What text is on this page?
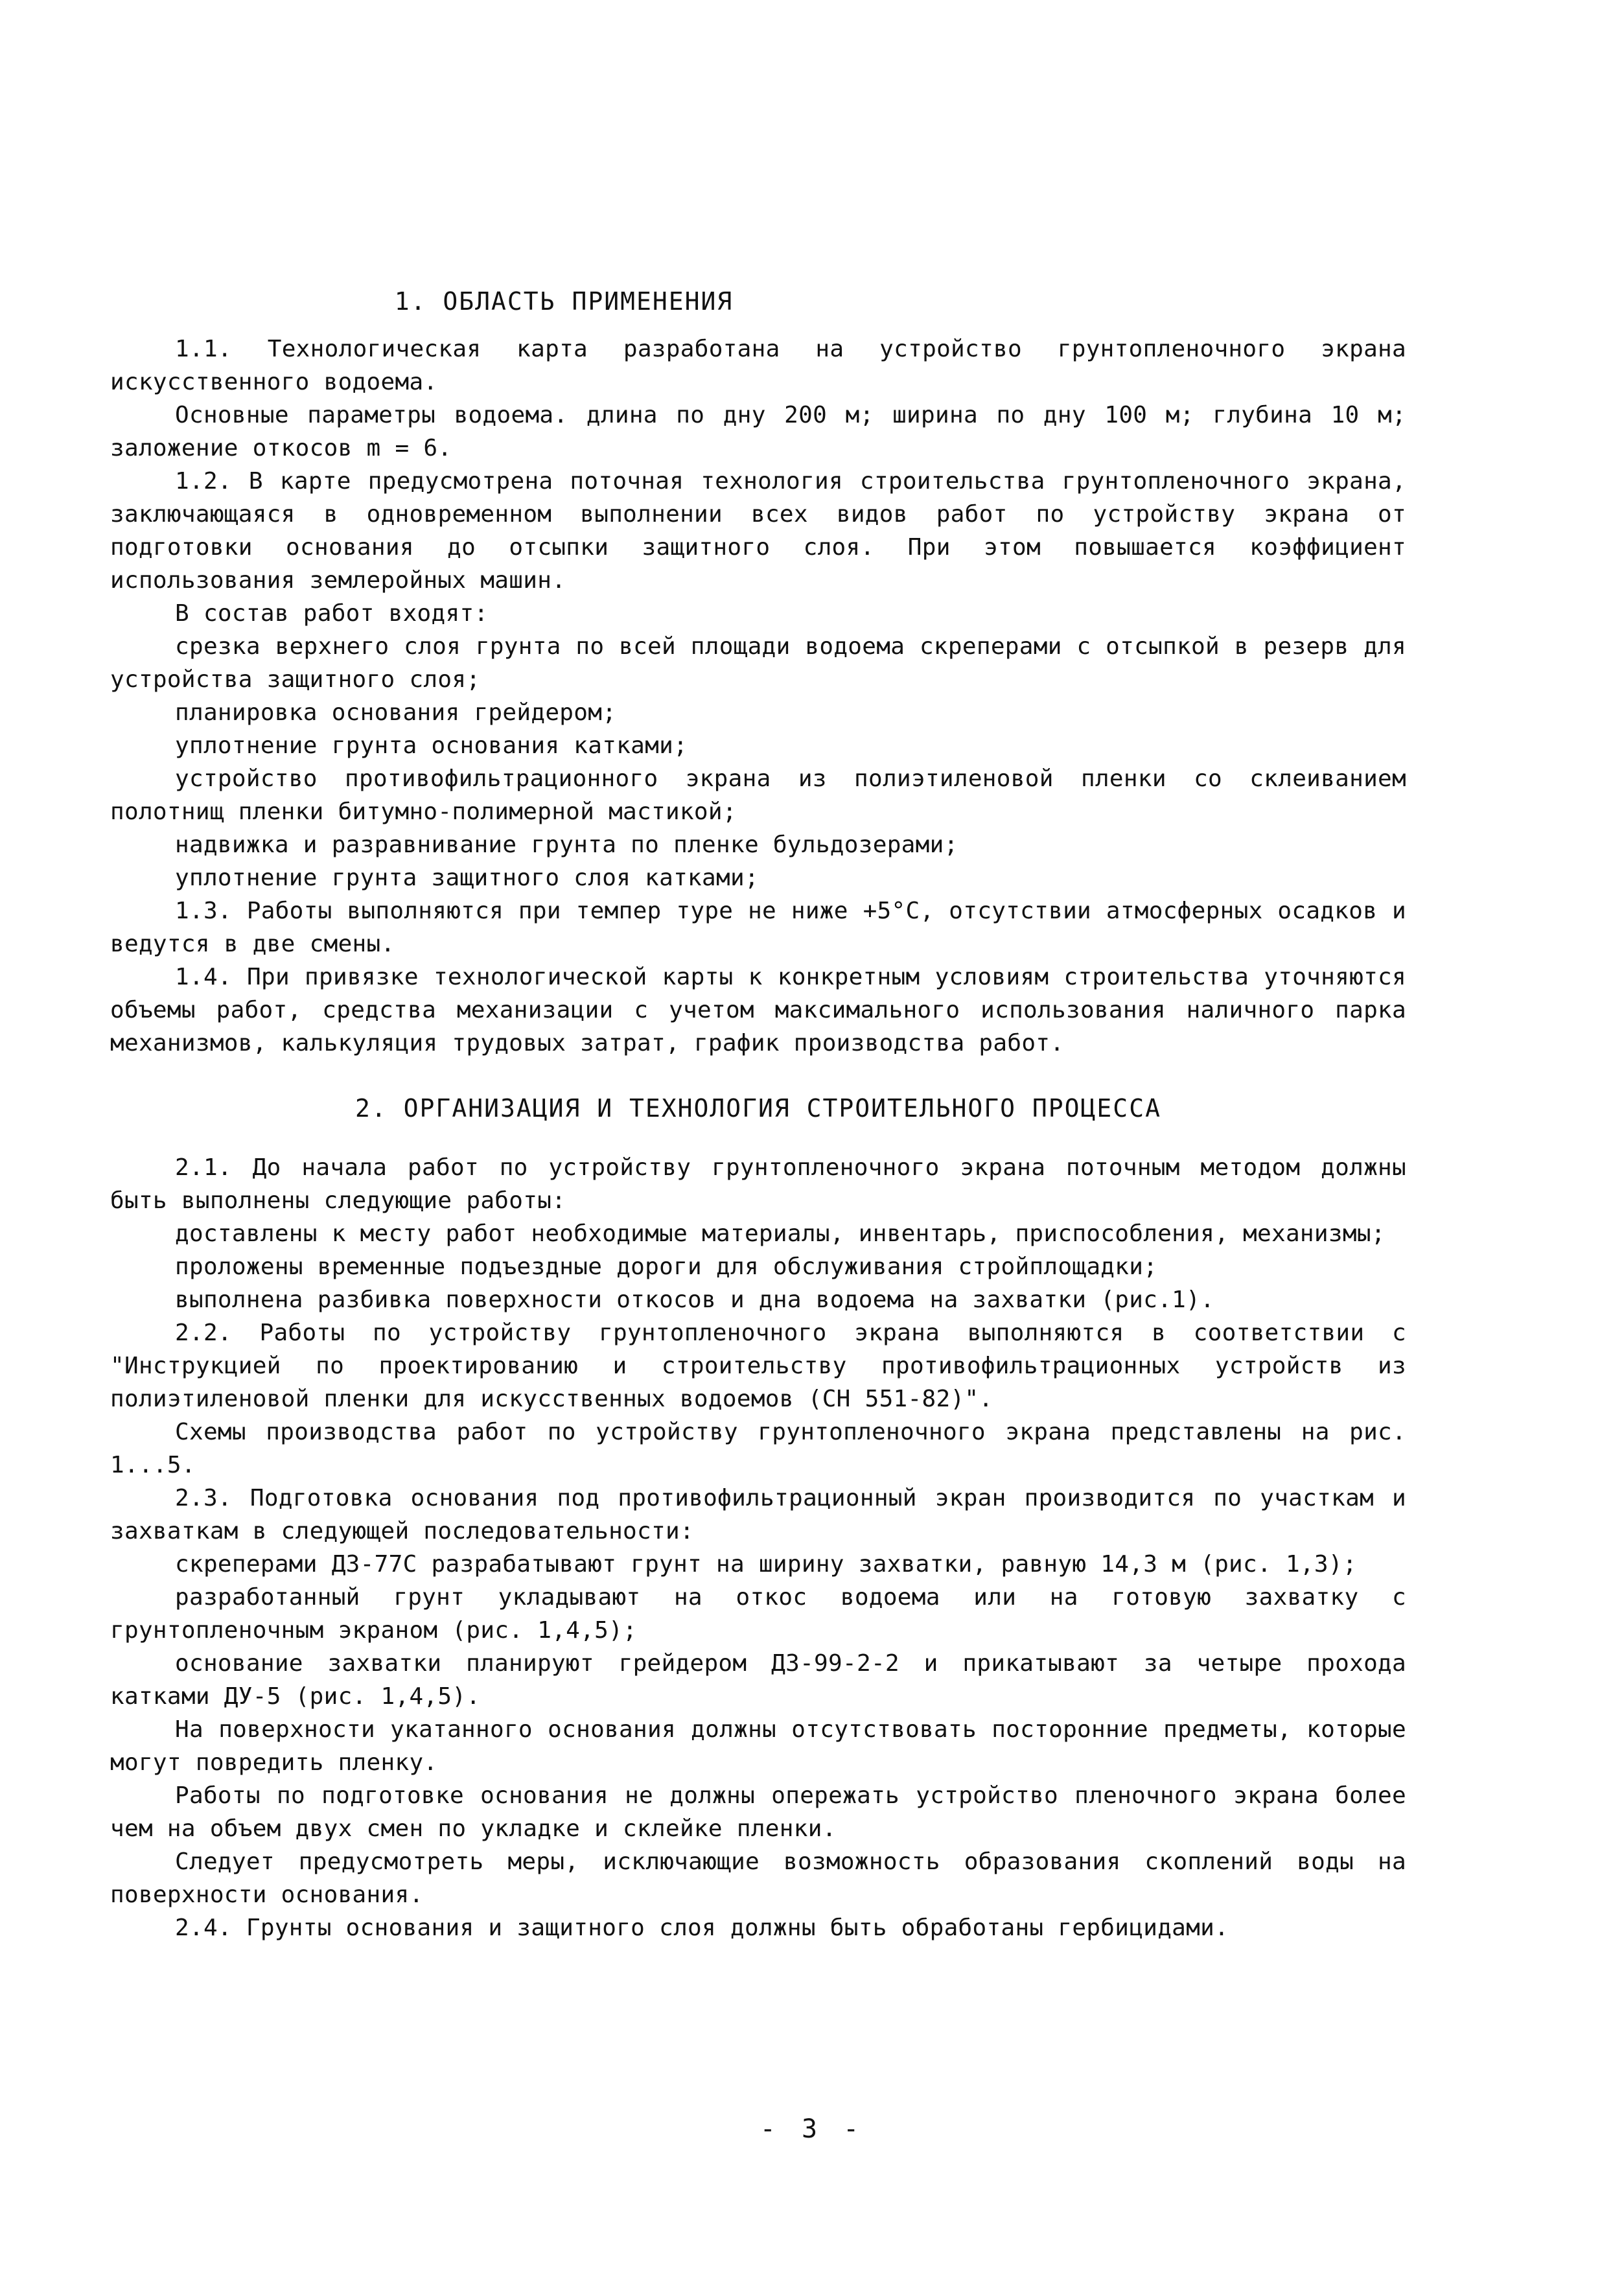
1. ОБЛАСТЬ ПРИМЕНЕНИЯ

1.1. Технологическая карта разработана на устройство грунтопленочного экрана искусственного водоема.

Основные параметры водоема. длина по дну 200 м; ширина по дну 100 м; глубина 10 м; заложение откосов m = 6.

1.2. В карте предусмотрена поточная технология строительства грунтопленочного экрана, заключающаяся в одновременном выполнении всех видов работ по устройству экрана от подготовки основания до отсыпки защитного слоя. При этом повышается коэффициент использования землеройных машин.

В состав работ входят:

срезка верхнего слоя грунта по всей площади водоема скреперами с отсыпкой в резерв для устройства защитного слоя;

планировка основания грейдером;

уплотнение грунта основания катками;

устройство противофильтрационного экрана из полиэтиленовой пленки со склеиванием полотнищ пленки битумно-полимерной мастикой;

надвижка и разравнивание грунта по пленке бульдозерами;

уплотнение грунта защитного слоя катками;

1.3. Работы выполняются при темпер туре не ниже +5°С, отсутствии атмосферных осадков и ведутся в две смены.

1.4. При привязке технологической карты к конкретным условиям строительства уточняются объемы работ, средства механизации с учетом максимального использования наличного парка механизмов, калькуляция трудовых затрат, график производства работ.

2. ОРГАНИЗАЦИЯ И ТЕХНОЛОГИЯ СТРОИТЕЛЬНОГО ПРОЦЕССА

2.1. До начала работ по устройству грунтопленочного экрана поточным методом должны быть выполнены следующие работы:

доставлены к месту работ необходимые материалы, инвентарь, приспособления, механизмы;

проложены временные подъездные дороги для обслуживания стройплощадки;

выполнена разбивка поверхности откосов и дна водоема на захватки (рис.1).

2.2. Работы по устройству грунтопленочного экрана выполняются в соответствии с "Инструкцией по проектированию и строительству противофильтрационных устройств из полиэтиленовой пленки для искусственных водоемов (СН 551-82)".

Схемы производства работ по устройству грунтопленочного экрана представлены на рис. 1...5.

2.3. Подготовка основания под противофильтрационный экран производится по участкам и захваткам в следующей последовательности:

скреперами ДЗ-77С разрабатывают грунт на ширину захватки, равную 14,3 м (рис. 1,3);

разработанный грунт укладывают на откос водоема или на готовую захватку с грунтопленочным экраном (рис. 1,4,5);

основание захватки планируют грейдером ДЗ-99-2-2 и прикатывают за четыре прохода катками ДУ-5 (рис. 1,4,5).

На поверхности укатанного основания должны отсутствовать посторонние предметы, которые могут повредить пленку.

Работы по подготовке основания не должны опережать устройство пленочного экрана более чем на объем двух смен по укладке и склейке пленки.

Следует предусмотреть меры, исключающие возможность образования скоплений воды на поверхности основания.

2.4. Грунты основания и защитного слоя должны быть обработаны гербицидами.

- 3 -
